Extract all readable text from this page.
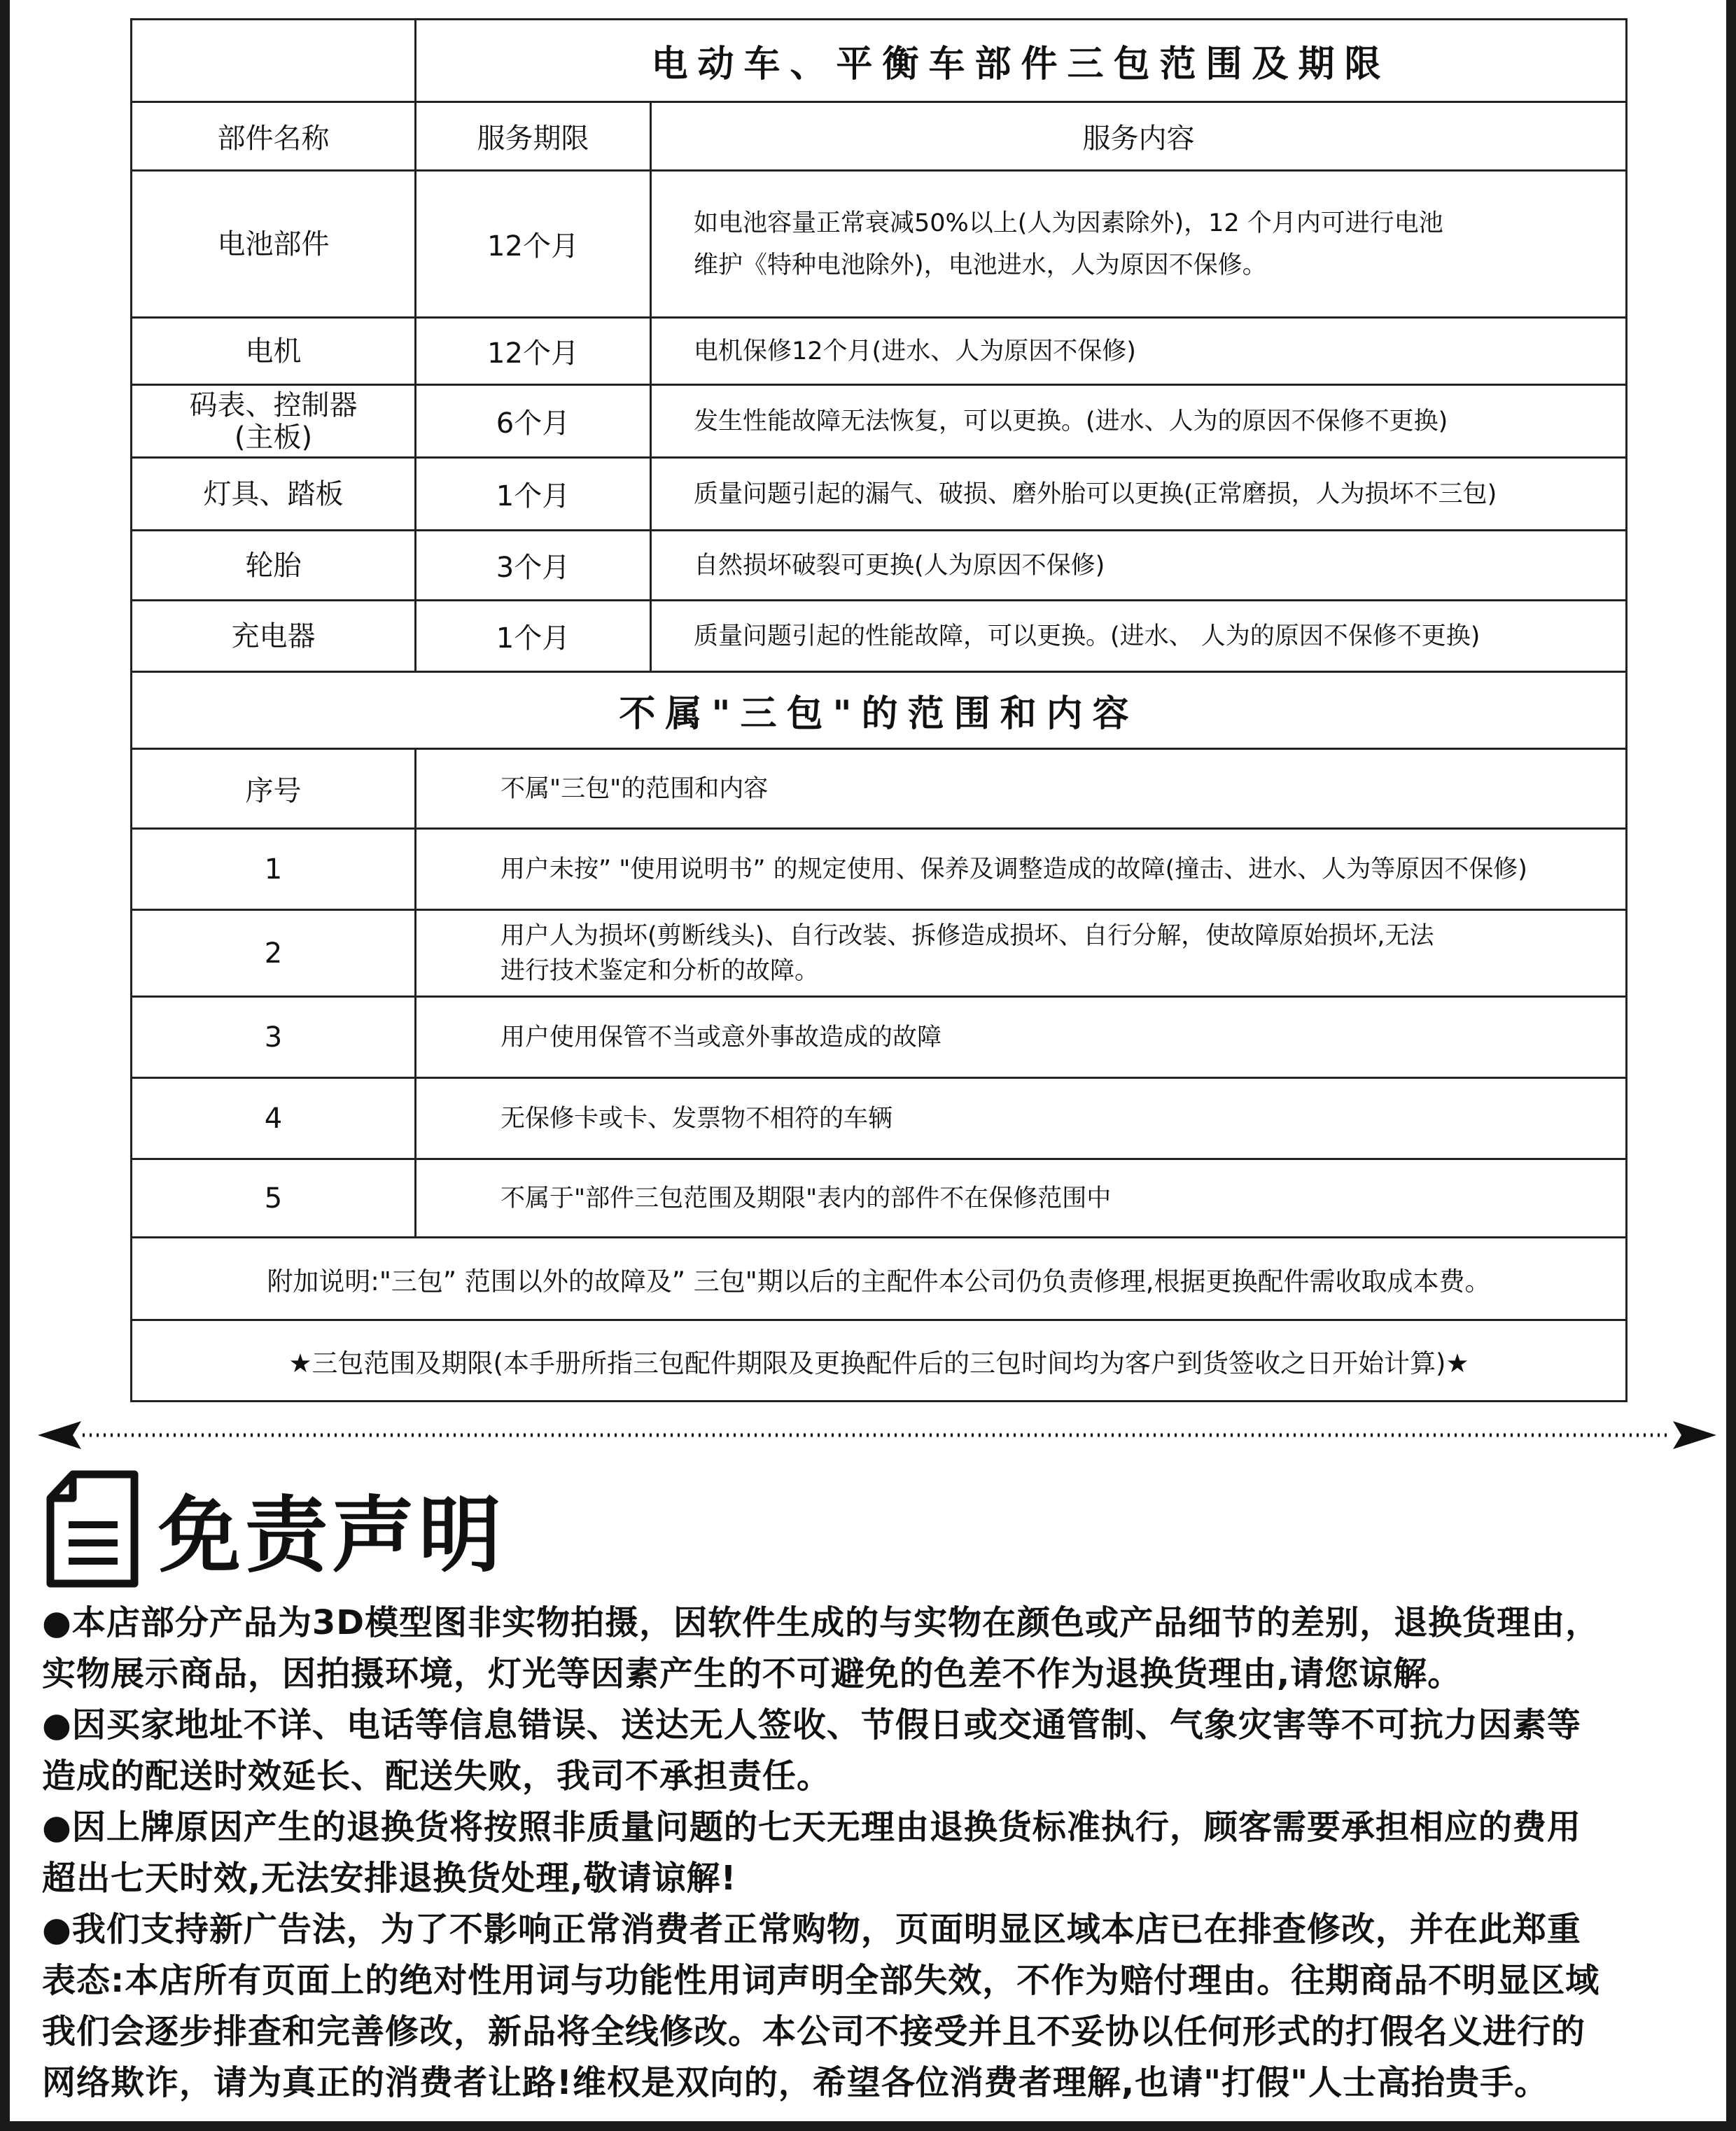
	电动车、平衡车部件三包范围及期限	
部件名称	服务期限	服务内容
电池部件	12个月	如电池容量正常衰减50%以上(人为因素除外)，12 个月内可进行电池
维护《特种电池除外)，电池进水，人为原因不保修。

电机	12个月	电机保修12个月(进水、人为原因不保修)

码表、控制器
(主板)	6个月	发生性能故障无法恢复，可以更换。(进水、人为的原因不保修不更换)

灯具、踏板	1个月	质量问题引起的漏气、破损、磨外胎可以更换(正常磨损，人为损坏不三包)

轮胎	3个月	自然损坏破裂可更换(人为原因不保修)

充电器	1个月	质量问题引起的性能故障，可以更换。(进水、 人为的原因不保修不更换)

不属"三包"的范围和内容		
序号	不属"三包"的范围和内容	
1	用户未按” "使用说明书” 的规定使用、保养及调整造成的故障(撞击、进水、人为等原因不保修)	

2	用户人为损坏(剪断线头)、自行改装、拆修造成损坏、自行分解，使故障原始损坏,无法
进行技术鉴定和分析的故障。	

3	用户使用保管不当或意外事故造成的故障	

4	无保修卡或卡、发票物不相符的车辆	

5	不属于"部件三包范围及期限"表内的部件不在保修范围中	

附加说明:"三包” 范围以外的故障及” 三包"期以后的主配件本公司仍负责修理,根据更换配件需收取成本费。		
★三包范围及期限(本手册所指三包配件期限及更换配件后的三包时间均为客户到货签收之日开始计算)★		
免责声明

●本店部分产品为3D模型图非实物拍摄，因软件生成的与实物在颜色或产品细节的差别，退换货理由，
实物展示商品，因拍摄环境，灯光等因素产生的不可避免的色差不作为退换货理由,请您谅解。

●因买家地址不详、电话等信息错误、送达无人签收、节假日或交通管制、气象灾害等不可抗力因素等
造成的配送时效延长、配送失败，我司不承担责任。

●因上牌原因产生的退换货将按照非质量问题的七天无理由退换货标准执行，顾客需要承担相应的费用
超出七天时效,无法安排退换货处理,敬请谅解!

●我们支持新广告法，为了不影响正常消费者正常购物，页面明显区域本店已在排查修改，并在此郑重
表态:本店所有页面上的绝对性用词与功能性用词声明全部失效，不作为赔付理由。往期商品不明显区域
我们会逐步排查和完善修改，新品将全线修改。本公司不接受并且不妥协以任何形式的打假名义进行的
网络欺诈，请为真正的消费者让路!维权是双向的，希望各位消费者理解,也请"打假"人士高抬贵手。
